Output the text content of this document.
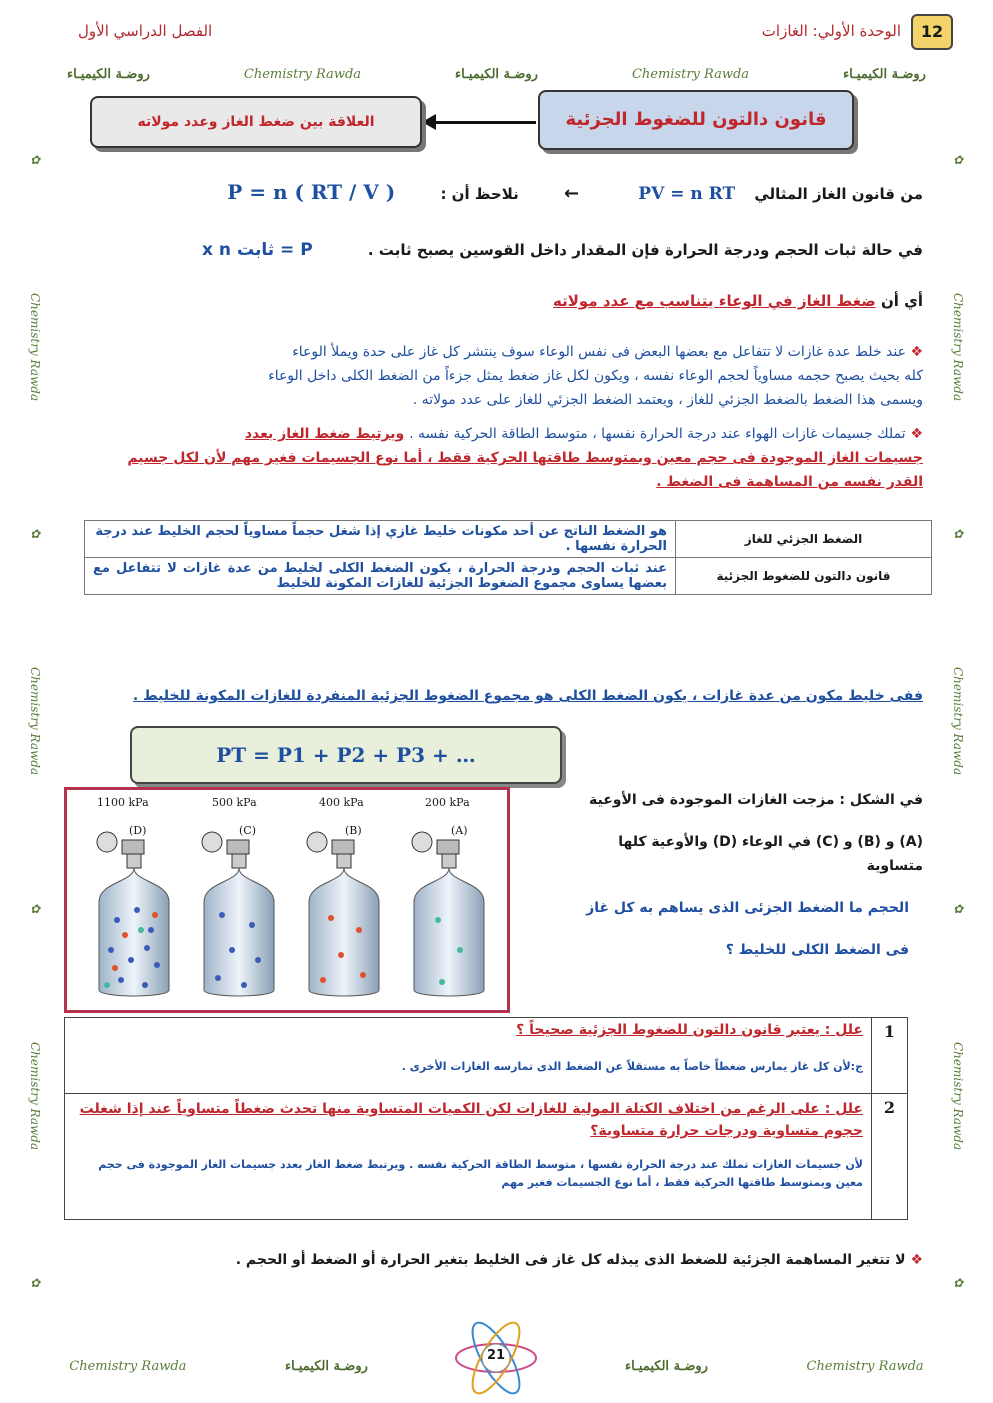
روضـة الكيميـاء	Chemistry Rawda	روضـة الكيميـاء	Chemistry Rawda	روضـة الكيميـاء
Chemistry Rawda	روضـة الكيميـاء	روضـة الكيميـاء	Chemistry Rawda
✿
Chemistry Rawda
✿
Chemistry Rawda
✿
Chemistry Rawda
✿
✿
Chemistry Rawda
✿
Chemistry Rawda
✿
Chemistry Rawda
✿
12
الوحدة الأولي: الغازات
الفصل الدراسي الأول
قانون دالتون للضغوط الجزئية
العلاقة بين ضغط الغاز وعدد مولاته
من قانون الغاز المثالي PV = n RT ← نلاحظ أن : P = n ( RT / V )
في حالة ثبات الحجم ودرجة الحرارة فإن المقدار داخل القوسين يصبح ثابت . P = ثابت x n
أي أن ضغط الغاز في الوعاء يتناسب مع عدد مولاته
❖ عند خلط عدة غازات لا تتفاعل مع بعضها البعض فى نفس الوعاء سوف ينتشر كل غاز على حدة ويملأ الوعاء
كله بحيث يصبح حجمه مساوياً لحجم الوعاء نفسه ، ويكون لكل غاز ضغط يمثل جزءاً من الضغط الكلى داخل الوعاء
ويسمى هذا الضغط بالضغط الجزئي للغاز ، ويعتمد الضغط الجزئي للغاز على عدد مولاته .
❖ تملك جسيمات غازات الهواء عند درجة الحرارة نفسها ، متوسط الطاقة الحركية نفسه . ويرتبط ضغط الغاز بعدد
جسيمات الغاز الموجودة فى حجم معين وبمتوسط طاقتها الحركية فقط ، أما نوع الجسيمات فغير مهم لأن لكل جسيم
القدر نفسه من المساهمة فى الضغط .
الضغط الجزئي للغاز	هو الضغط الناتج عن أحد مكونات خليط غازي إذا شغل حجماً مساوياً لحجم الخليط عند درجة الحرارة نفسها .
قانون دالتون للضغوط الجزئية	عند ثبات الحجم ودرجة الحرارة ، يكون الضغط الكلى لخليط من عدة غازات لا تتفاعل مع بعضها يساوى مجموع الضغوط الجزئية للغازات المكونة للخليط
ففى خليط مكون من عدة غازات ، يكون الضغط الكلى هو مجموع الضغوط الجزئية المنفردة للغازات المكونة للخليط .
PT = P1 + P2 + P3 + …
1100 kPa	500 kPa	400 kPa	200 kPa
(D)	(C)	(B)	(A)
في الشكل : مزجت الغازات الموجودة فى الأوعية
(A) و (B) و (C) في الوعاء (D) والأوعية كلها
متساوية
الحجم ما الضغط الجزئى الذى يساهم به كل غاز
فى الضغط الكلى للخليط ؟
1	علل : يعتبر قانون دالتون للضغوط الجزئية صحيحاً ؟
ج:لأن كل غاز يمارس ضغطاً خاصاً به مستقلاً عن الضغط الذى تمارسه الغازات الأخرى .

2	علل : على الرغم من اختلاف الكتلة المولية للغازات لكن الكميات المتساوية منها تحدث ضغطاً متساوياً عند إذا شغلت حجوم متساوية ودرجات حرارة متساوية؟
لأن جسيمات الغازات تملك عند درجة الحرارة نفسها ، متوسط الطاقة الحركية نفسه . ويرتبط ضغط الغاز بعدد جسيمات الغاز الموجودة فى حجم معين وبمتوسط طاقتها الحركية فقط ، أما نوع الجسيمات فغير مهم
❖ لا تتغير المساهمة الجزئية للضغط الذى يبذله كل غاز فى الخليط بتغير الحرارة أو الضغط أو الحجم .
21
